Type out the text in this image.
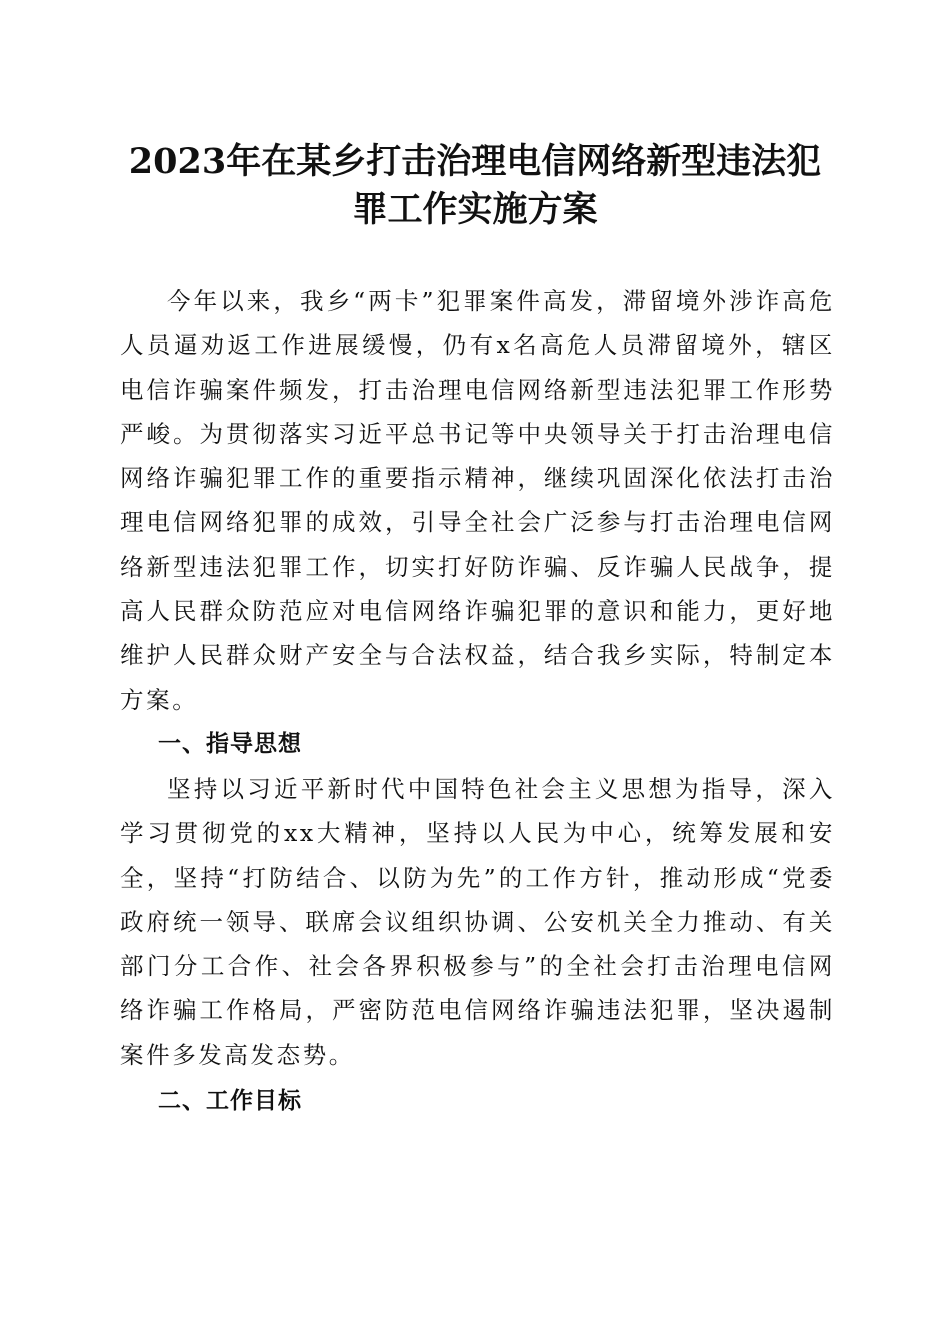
2023年在某乡打击治理电信网络新型违法犯
罪工作实施方案
今年以来，我乡“两卡”犯罪案件高发，滞留境外涉诈高危人员逼劝返工作进展缓慢，仍有x名高危人员滞留境外，辖区电信诈骗案件频发，打击治理电信网络新型违法犯罪工作形势严峻。为贯彻落实习近平总书记等中央领导关于打击治理电信网络诈骗犯罪工作的重要指示精神，继续巩固深化依法打击治理电信网络犯罪的成效，引导全社会广泛参与打击治理电信网络新型违法犯罪工作，切实打好防诈骗、反诈骗人民战争，提高人民群众防范应对电信网络诈骗犯罪的意识和能力，更好地维护人民群众财产安全与合法权益，结合我乡实际，特制定本方案。
一、指导思想
坚持以习近平新时代中国特色社会主义思想为指导，深入学习贯彻党的xx大精神，坚持以人民为中心，统筹发展和安全，坚持“打防结合、以防为先”的工作方针，推动形成“党委政府统一领导、联席会议组织协调、公安机关全力推动、有关部门分工合作、社会各界积极参与”的全社会打击治理电信网络诈骗工作格局，严密防范电信网络诈骗违法犯罪，坚决遏制案件多发高发态势。
二、工作目标
